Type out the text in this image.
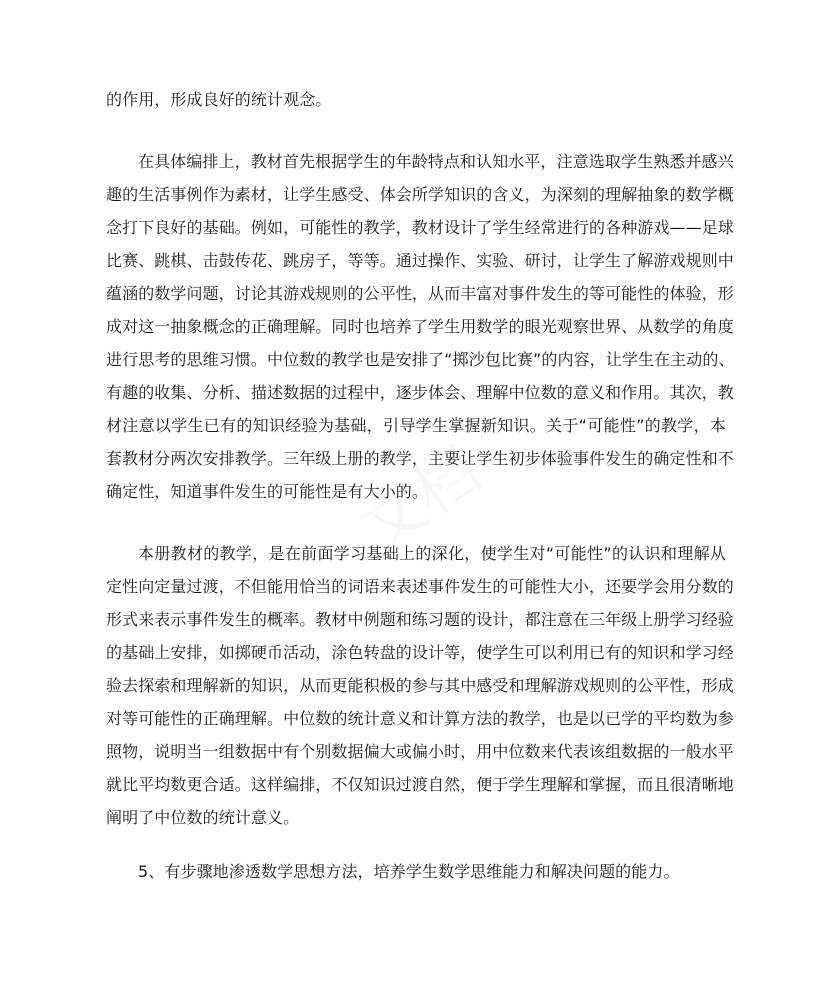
的作用，形成良好的统计观念。
在具体编排上，教材首先根据学生的年龄特点和认知水平，注意选取学生熟悉并感兴
趣的生活事例作为素材，让学生感受、体会所学知识的含义，为深刻的理解抽象的数学概
念打下良好的基础。例如，可能性的教学，教材设计了学生经常进行的各种游戏——足球
比赛、跳棋、击鼓传花、跳房子，等等。通过操作、实验、研讨，让学生了解游戏规则中
蕴涵的数学问题，讨论其游戏规则的公平性，从而丰富对事件发生的等可能性的体验，形
成对这一抽象概念的正确理解。同时也培养了学生用数学的眼光观察世界、从数学的角度
进行思考的思维习惯。中位数的教学也是安排了“掷沙包比赛”的内容，让学生在主动的、
有趣的收集、分析、描述数据的过程中，逐步体会、理解中位数的意义和作用。其次，教
材注意以学生已有的知识经验为基础，引导学生掌握新知识。关于“可能性”的教学，本
套教材分两次安排教学。三年级上册的教学，主要让学生初步体验事件发生的确定性和不
确定性，知道事件发生的可能性是有大小的。
本册教材的教学，是在前面学习基础上的深化，使学生对“可能性”的认识和理解从
定性向定量过渡，不但能用恰当的词语来表述事件发生的可能性大小，还要学会用分数的
形式来表示事件发生的概率。教材中例题和练习题的设计，都注意在三年级上册学习经验
的基础上安排，如掷硬币活动，涂色转盘的设计等，使学生可以利用已有的知识和学习经
验去探索和理解新的知识，从而更能积极的参与其中感受和理解游戏规则的公平性，形成
对等可能性的正确理解。中位数的统计意义和计算方法的教学，也是以已学的平均数为参
照物，说明当一组数据中有个别数据偏大或偏小时，用中位数来代表该组数据的一般水平
就比平均数更合适。这样编排，不仅知识过渡自然，便于学生理解和掌握，而且很清晰地
阐明了中位数的统计意义。
5、有步骤地渗透数学思想方法，培养学生数学思维能力和解决问题的能力。
